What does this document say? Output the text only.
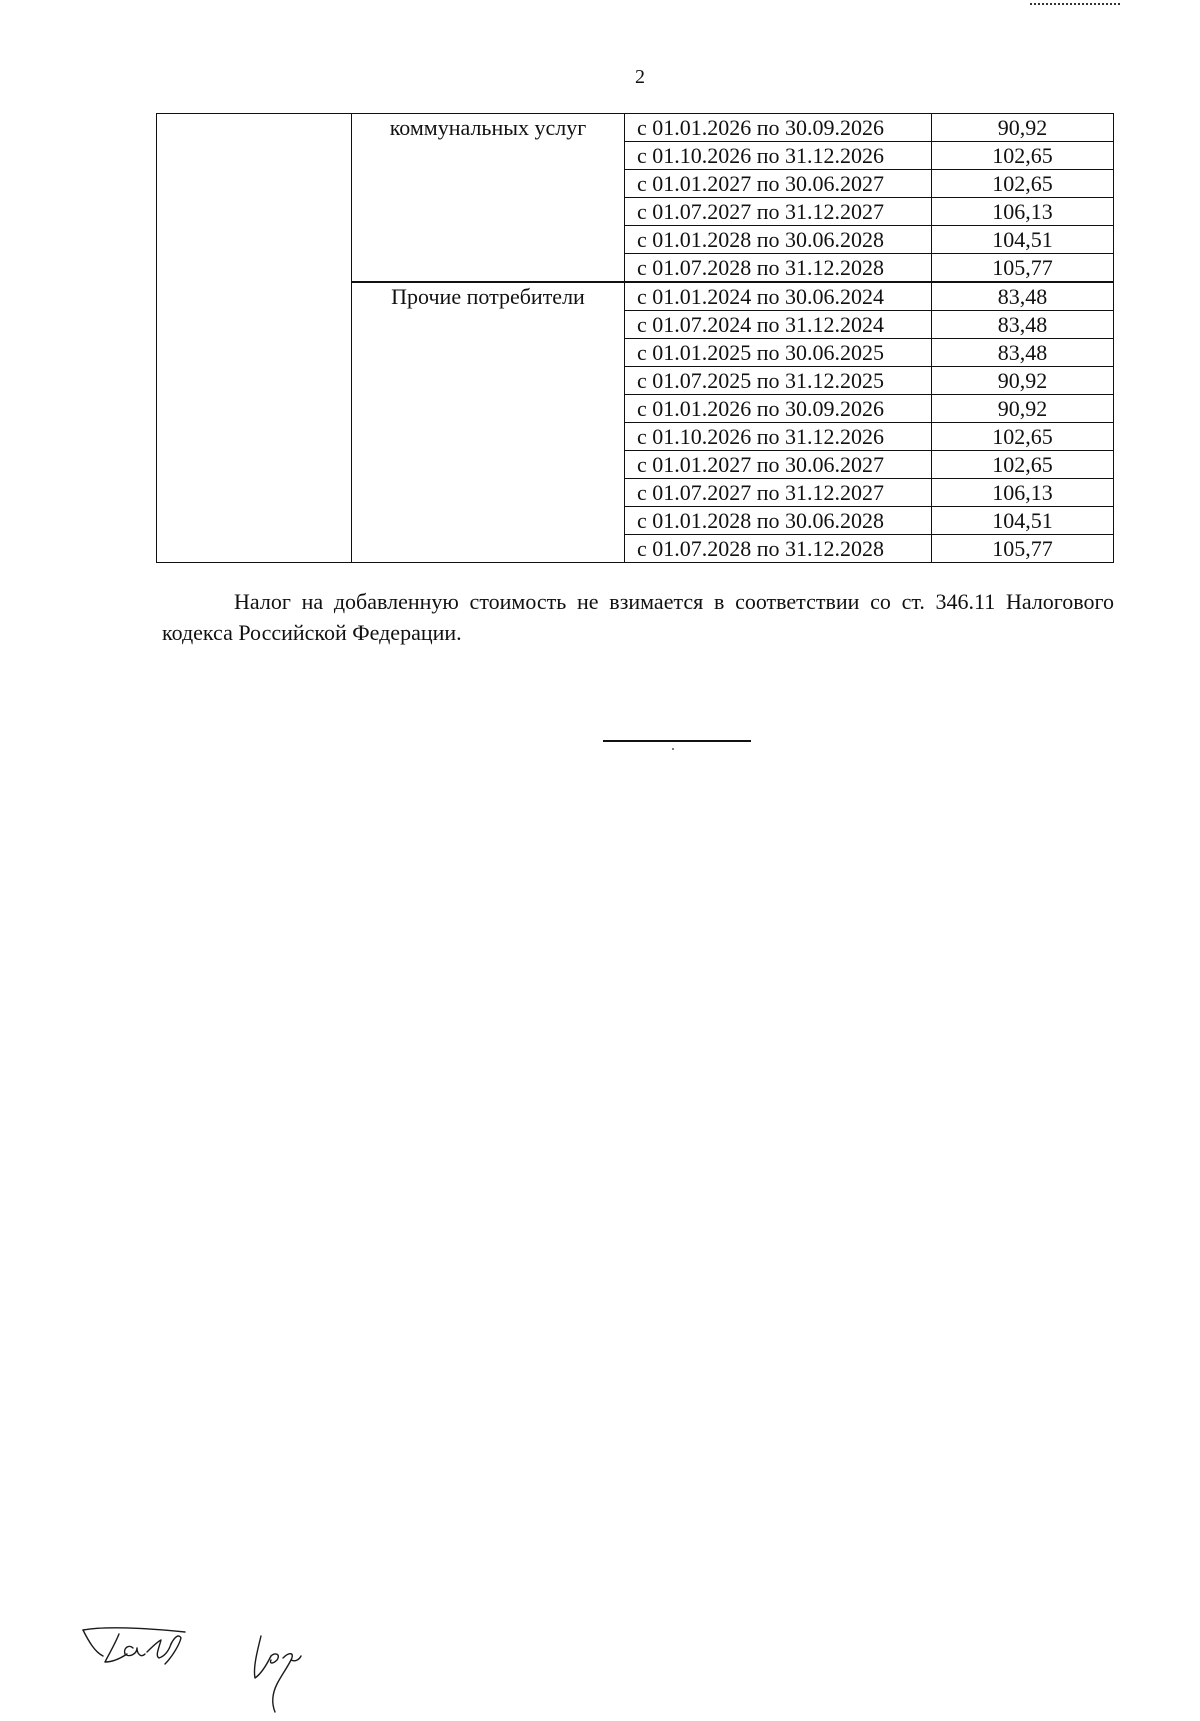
2
	коммунальных услуг	с 01.01.2026 по 30.09.2026	90,92
		с 01.10.2026 по 31.12.2026	102,65
		с 01.01.2027 по 30.06.2027	102,65
		с 01.07.2027 по 31.12.2027	106,13
		с 01.01.2028 по 30.06.2028	104,51
		с 01.07.2028 по 31.12.2028	105,77
	Прочие потребители	с 01.01.2024 по 30.06.2024	83,48
		с 01.07.2024 по 31.12.2024	83,48
		с 01.01.2025 по 30.06.2025	83,48
		с 01.07.2025 по 31.12.2025	90,92
		с 01.01.2026 по 30.09.2026	90,92
		с 01.10.2026 по 31.12.2026	102,65
		с 01.01.2027 по 30.06.2027	102,65
		с 01.07.2027 по 31.12.2027	106,13
		с 01.01.2028 по 30.06.2028	104,51
		с 01.07.2028 по 31.12.2028	105,77

Налог на добавленную стоимость не взимается в соответствии со ст. 346.11 Налогового кодекса Российской Федерации.
